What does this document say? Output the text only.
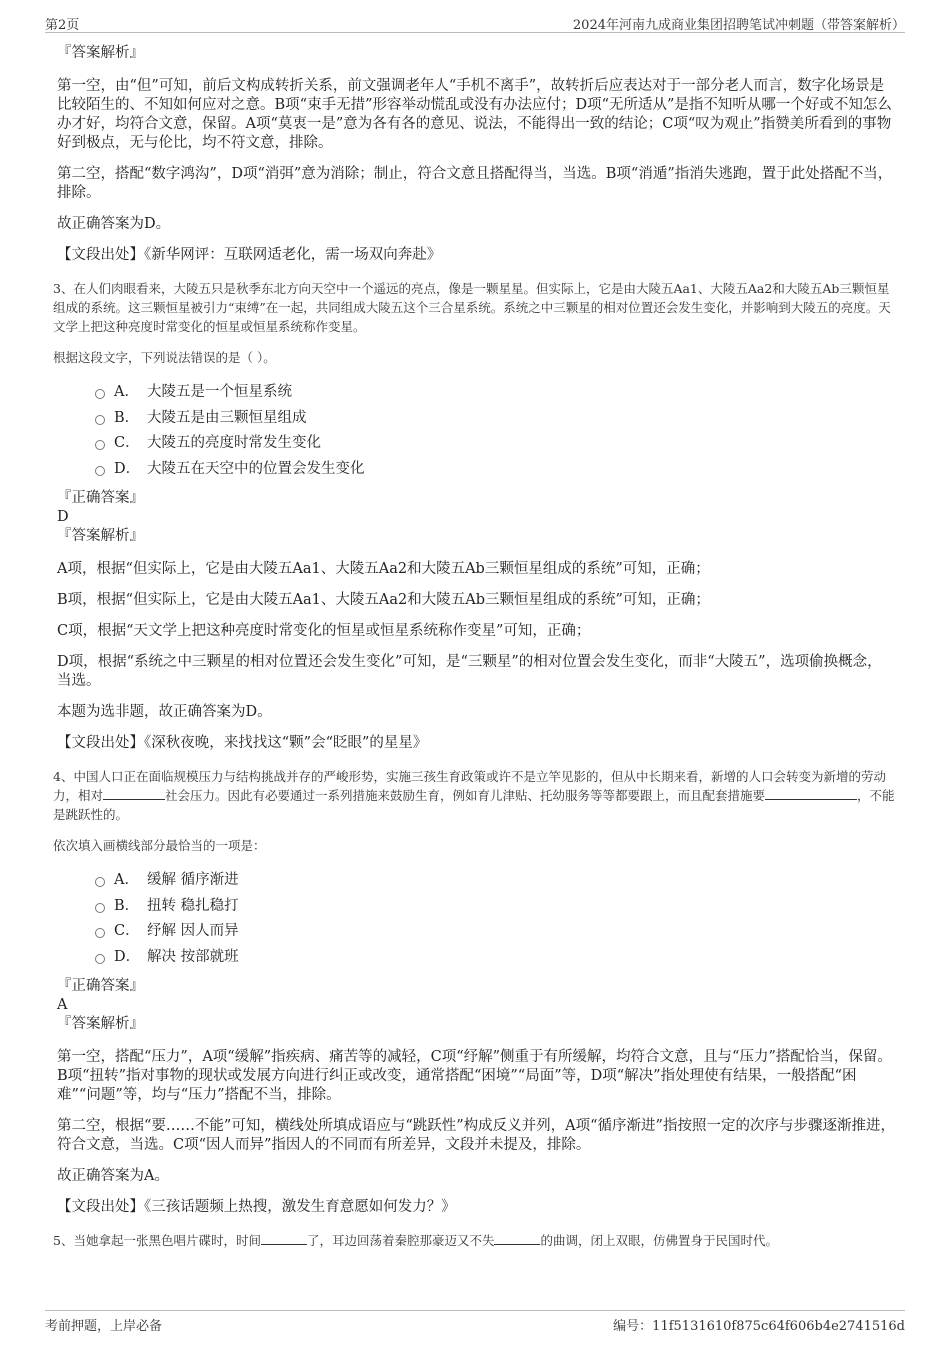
第2页	2024年河南九成商业集团招聘笔试冲刺题（带答案解析）
『答案解析』

第一空，由“但”可知，前后文构成转折关系，前文强调老年人“手机不离手”，故转折后应表达对于一部分老人而言，数字化场景是比较陌生的、不知如何应对之意。B项“束手无措”形容举动慌乱或没有办法应付；D项“无所适从”是指不知听从哪一个好或不知怎么办才好，均符合文意，保留。A项“莫衷一是”意为各有各的意见、说法，不能得出一致的结论；C项“叹为观止”指赞美所看到的事物好到极点，无与伦比，均不符文意，排除。

第二空，搭配“数字鸿沟”，D项“消弭”意为消除；制止，符合文意且搭配得当，当选。B项“消遁”指消失逃跑，置于此处搭配不当，排除。

故正确答案为D。

【文段出处】《新华网评：互联网适老化，需一场双向奔赴》

3、在人们肉眼看来，大陵五只是秋季东北方向天空中一个遥远的亮点，像是一颗星星。但实际上，它是由大陵五Aa1、大陵五Aa2和大陵五Ab三颗恒星组成的系统。这三颗恒星被引力“束缚”在一起，共同组成大陵五这个三合星系统。系统之中三颗星的相对位置还会发生变化，并影响到大陵五的亮度。天文学上把这种亮度时常变化的恒星或恒星系统称作变星。

根据这段文字，下列说法错误的是（ ）。

A． 大陵五是一个恒星系统
B． 大陵五是由三颗恒星组成
C． 大陵五的亮度时常发生变化
D． 大陵五在天空中的位置会发生变化
『正确答案』
D
『答案解析』

A项，根据“但实际上，它是由大陵五Aa1、大陵五Aa2和大陵五Ab三颗恒星组成的系统”可知，正确；

B项，根据“但实际上，它是由大陵五Aa1、大陵五Aa2和大陵五Ab三颗恒星组成的系统”可知，正确；

C项，根据“天文学上把这种亮度时常变化的恒星或恒星系统称作变星”可知，正确；

D项，根据“系统之中三颗星的相对位置还会发生变化”可知，是“三颗星”的相对位置会发生变化，而非“大陵五”，选项偷换概念，当选。

本题为选非题，故正确答案为D。

【文段出处】《深秋夜晚，来找找这“颗”会“眨眼”的星星》

4、中国人口正在面临规模压力与结构挑战并存的严峻形势，实施三孩生育政策或许不是立竿见影的，但从中长期来看，新增的人口会转变为新增的劳动力，相对	社会压力。因此有必要通过一系列措施来鼓励生育，例如育儿津贴、托幼服务等等都要跟上，而且配套措施要	，不能是跳跃性的。

依次填入画横线部分最恰当的一项是：

A． 缓解 循序渐进
B． 扭转 稳扎稳打
C． 纾解 因人而异
D． 解决 按部就班
『正确答案』
A
『答案解析』

第一空，搭配“压力”，A项“缓解”指疾病、痛苦等的减轻，C项“纾解”侧重于有所缓解，均符合文意，且与“压力”搭配恰当，保留。B项“扭转”指对事物的现状或发展方向进行纠正或改变，通常搭配“困境”“局面”等，D项“解决”指处理使有结果，一般搭配“困难”“问题”等，均与“压力”搭配不当，排除。

第二空，根据“要……不能”可知，横线处所填成语应与“跳跃性”构成反义并列，A项“循序渐进”指按照一定的次序与步骤逐渐推进，符合文意，当选。C项“因人而异”指因人的不同而有所差异，文段并未提及，排除。

故正确答案为A。

【文段出处】《三孩话题频上热搜，激发生育意愿如何发力？》

5、当她拿起一张黑色唱片碟时，时间	了，耳边回荡着秦腔那豪迈又不失	的曲调，闭上双眼，仿佛置身于民国时代。

考前押题，上岸必备	编号：11f5131610f875c64f606b4e2741516d
